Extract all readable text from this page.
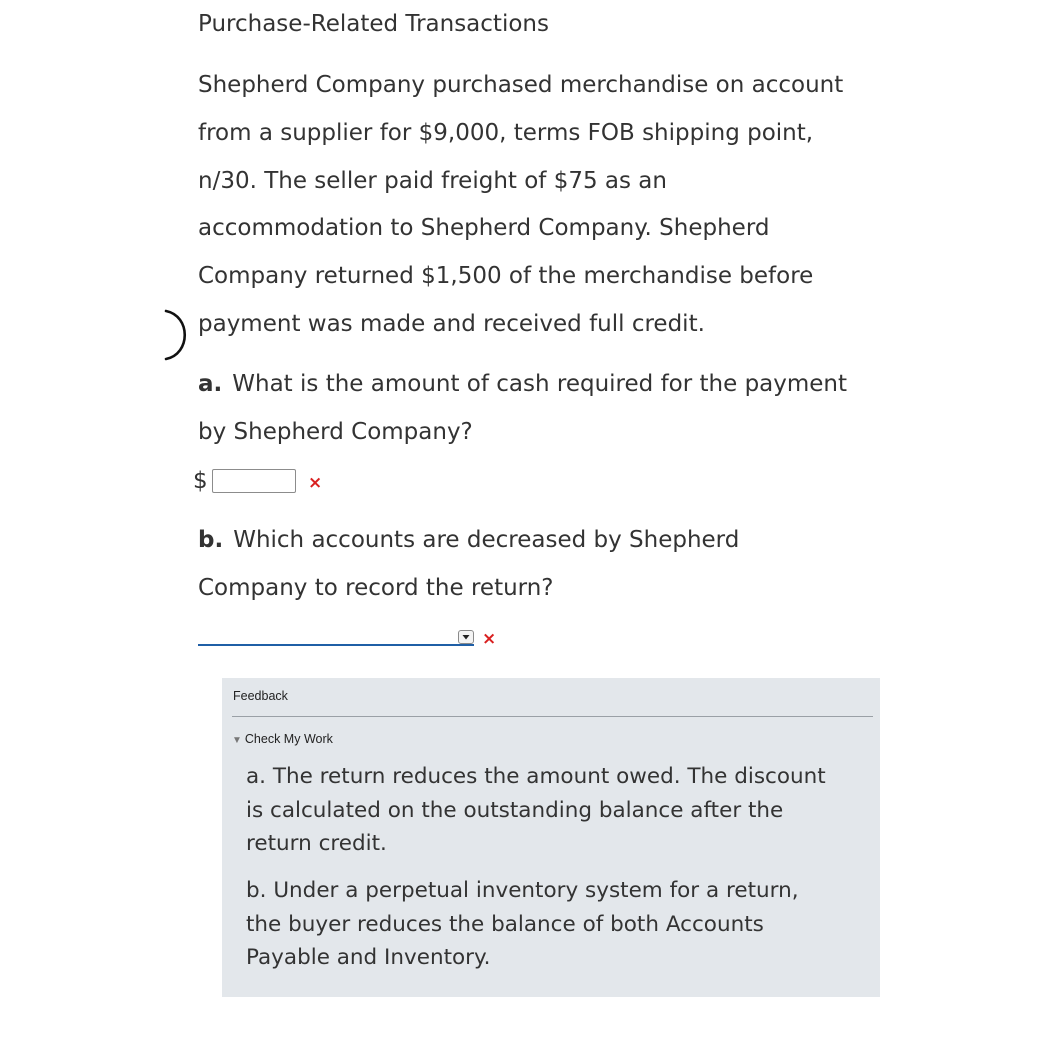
Purchase-Related Transactions
Shepherd Company purchased merchandise on account
from a supplier for $9,000, terms FOB shipping point,
n/30. The seller paid freight of $75 as an
accommodation to Shepherd Company. Shepherd
Company returned $1,500 of the merchandise before
payment was made and received full credit.
a. What is the amount of cash required for the payment
by Shepherd Company?
$	×
b. Which accounts are decreased by Shepherd
Company to record the return?
×
Feedback
▼ Check My Work
a. The return reduces the amount owed. The discount
is calculated on the outstanding balance after the
return credit.
b. Under a perpetual inventory system for a return,
the buyer reduces the balance of both Accounts
Payable and Inventory.
